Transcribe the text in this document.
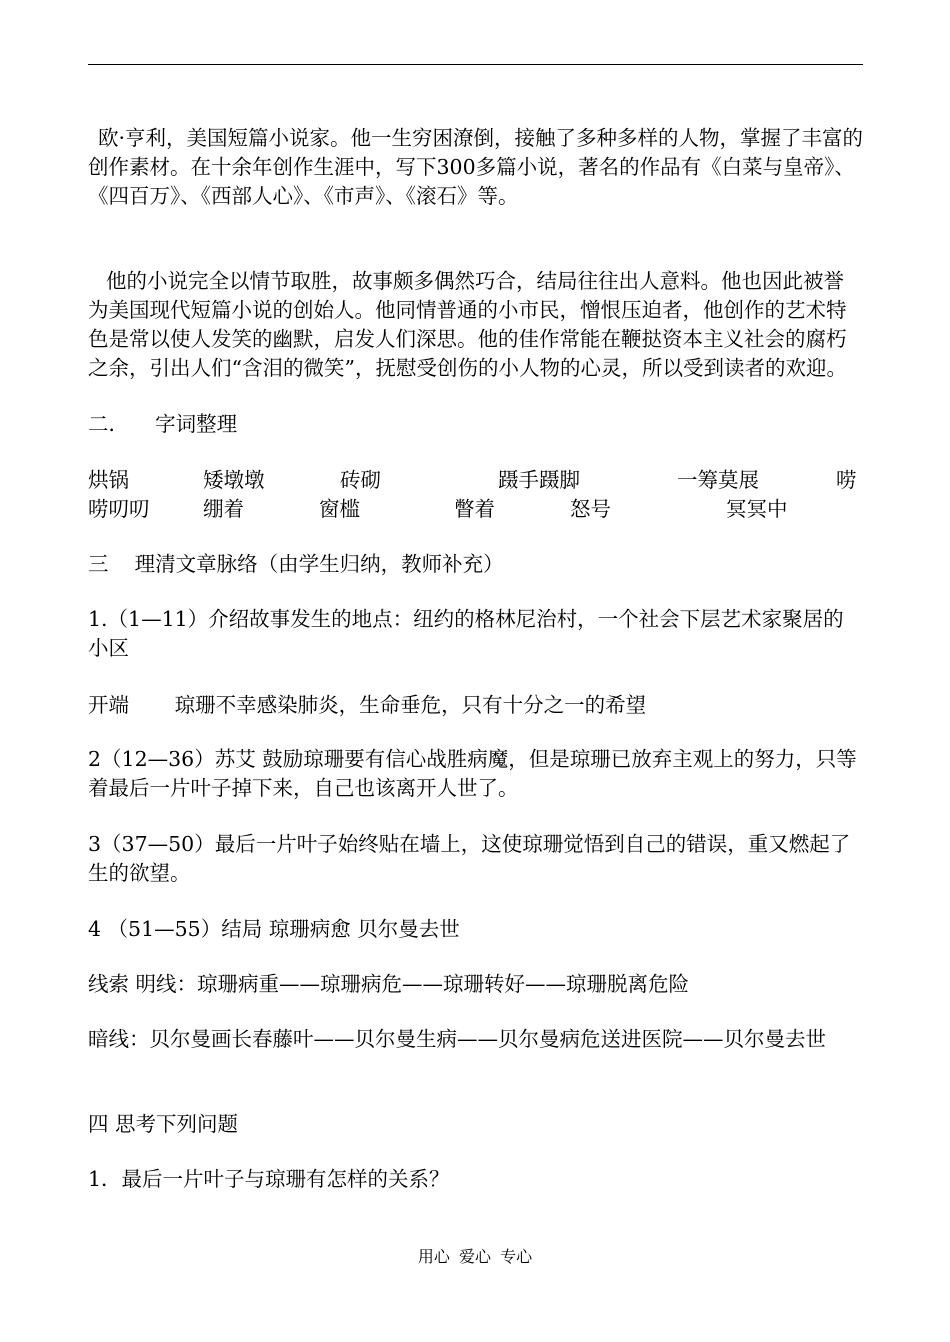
欧·亨利，美国短篇小说家。他一生穷困潦倒，接触了多种多样的人物，掌握了丰富的创作素材。在十余年创作生涯中，写下300多篇小说，著名的作品有《白菜与皇帝》、《四百万》、《西部人心》、《市声》、《滚石》等。

他的小说完全以情节取胜，故事颇多偶然巧合，结局往往出人意料。他也因此被誉为美国现代短篇小说的创始人。他同情普通的小市民，憎恨压迫者，他创作的艺术特色是常以使人发笑的幽默，启发人们深思。他的佳作常能在鞭挞资本主义社会的腐朽之余，引出人们“含泪的微笑”，抚慰受创伤的小人物的心灵，所以受到读者的欢迎。

二．    字词整理

烘锅	矮墩墩	砖砌	蹑手蹑脚	一筹莫展	唠
唠叨叨	绷着	窗槛	瞥着	怒号	冥冥中

三    理清文章脉络（由学生归纳，教师补充）

1.（1—11）介绍故事发生的地点：纽约的格林尼治村，一个社会下层艺术家聚居的小区

开端       琼珊不幸感染肺炎，生命垂危，只有十分之一的希望

2（12—36）苏艾 鼓励琼珊要有信心战胜病魔，但是琼珊已放弃主观上的努力，只等着最后一片叶子掉下来，自己也该离开人世了。

3（37—50）最后一片叶子始终贴在墙上，这使琼珊觉悟到自己的错误，重又燃起了生的欲望。

4 （51—55）结局 琼珊病愈 贝尔曼去世

线索 明线：琼珊病重——琼珊病危——琼珊转好——琼珊脱离危险

暗线：贝尔曼画长春藤叶——贝尔曼生病——贝尔曼病危送进医院——贝尔曼去世

四 思考下列问题

1．最后一片叶子与琼珊有怎样的关系？

用心 爱心 专心
